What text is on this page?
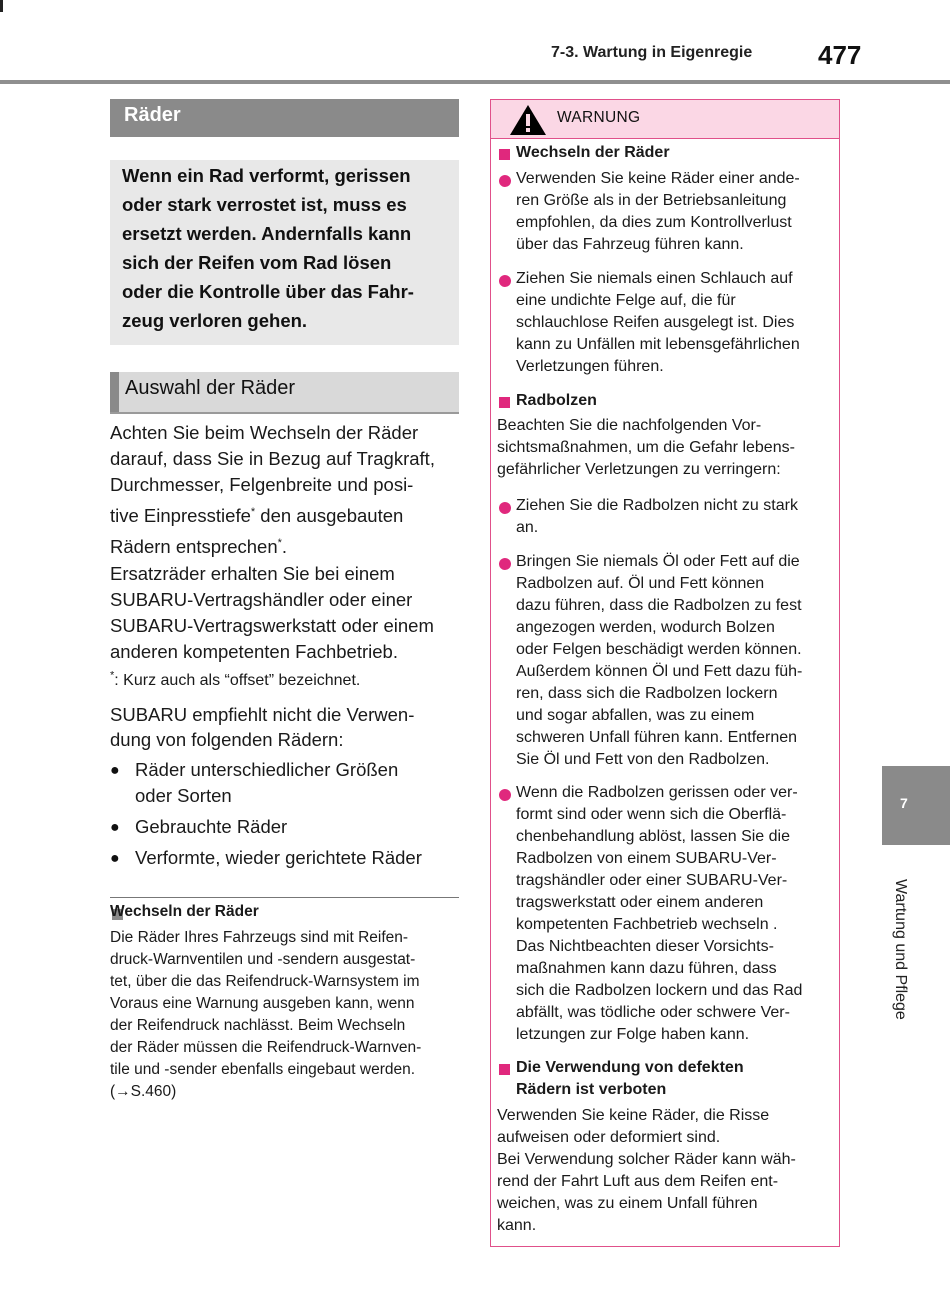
7-3. Wartung in Eigenregie	477
Räder
Wenn ein Rad verformt, gerissen
oder stark verrostet ist, muss es
ersetzt werden. Andernfalls kann
sich der Reifen vom Rad lösen
oder die Kontrolle über das Fahr-
zeug verloren gehen.
Auswahl der Räder
Achten Sie beim Wechseln der Räder
darauf, dass Sie in Bezug auf Tragkraft,
Durchmesser, Felgenbreite und posi-
tive Einpresstiefe* den ausgebauten
Rädern entsprechen*.
Ersatzräder erhalten Sie bei einem
SUBARU-Vertragshändler oder einer
SUBARU-Vertragswerkstatt oder einem
anderen kompetenten Fachbetrieb.
*: Kurz auch als “offset” bezeichnet.
SUBARU empfiehlt nicht die Verwen-
dung von folgenden Rädern:
● Räder unterschiedlicher Größen
oder Sorten
● Gebrauchte Räder
● Verformte, wieder gerichtete Räder
Wechseln der Räder
Die Räder Ihres Fahrzeugs sind mit Reifen-
druck-Warnventilen und -sendern ausgestat-
tet, über die das Reifendruck-Warnsystem im
Voraus eine Warnung ausgeben kann, wenn
der Reifendruck nachlässt. Beim Wechseln
der Räder müssen die Reifendruck-Warnven-
tile und -sender ebenfalls eingebaut werden.
(→S.460)
WARNUNG
Wechseln der Räder
Verwenden Sie keine Räder einer ande-
ren Größe als in der Betriebsanleitung
empfohlen, da dies zum Kontrollverlust
über das Fahrzeug führen kann.
Ziehen Sie niemals einen Schlauch auf
eine undichte Felge auf, die für
schlauchlose Reifen ausgelegt ist. Dies
kann zu Unfällen mit lebensgefährlichen
Verletzungen führen.
Radbolzen
Beachten Sie die nachfolgenden Vor-
sichtsmaßnahmen, um die Gefahr lebens-
gefährlicher Verletzungen zu verringern:
Ziehen Sie die Radbolzen nicht zu stark
an.
Bringen Sie niemals Öl oder Fett auf die
Radbolzen auf. Öl und Fett können
dazu führen, dass die Radbolzen zu fest
angezogen werden, wodurch Bolzen
oder Felgen beschädigt werden können.
Außerdem können Öl und Fett dazu füh-
ren, dass sich die Radbolzen lockern
und sogar abfallen, was zu einem
schweren Unfall führen kann. Entfernen
Sie Öl und Fett von den Radbolzen.
Wenn die Radbolzen gerissen oder ver-
formt sind oder wenn sich die Oberflä-
chenbehandlung ablöst, lassen Sie die
Radbolzen von einem SUBARU-Ver-
tragshändler oder einer SUBARU-Ver-
tragswerkstatt oder einem anderen
kompetenten Fachbetrieb wechseln .
Das Nichtbeachten dieser Vorsichts-
maßnahmen kann dazu führen, dass
sich die Radbolzen lockern und das Rad
abfällt, was tödliche oder schwere Ver-
letzungen zur Folge haben kann.
Die Verwendung von defekten
Rädern ist verboten
Verwenden Sie keine Räder, die Risse
aufweisen oder deformiert sind.
Bei Verwendung solcher Räder kann wäh-
rend der Fahrt Luft aus dem Reifen ent-
weichen, was zu einem Unfall führen
kann.
7
Wartung und Pflege
